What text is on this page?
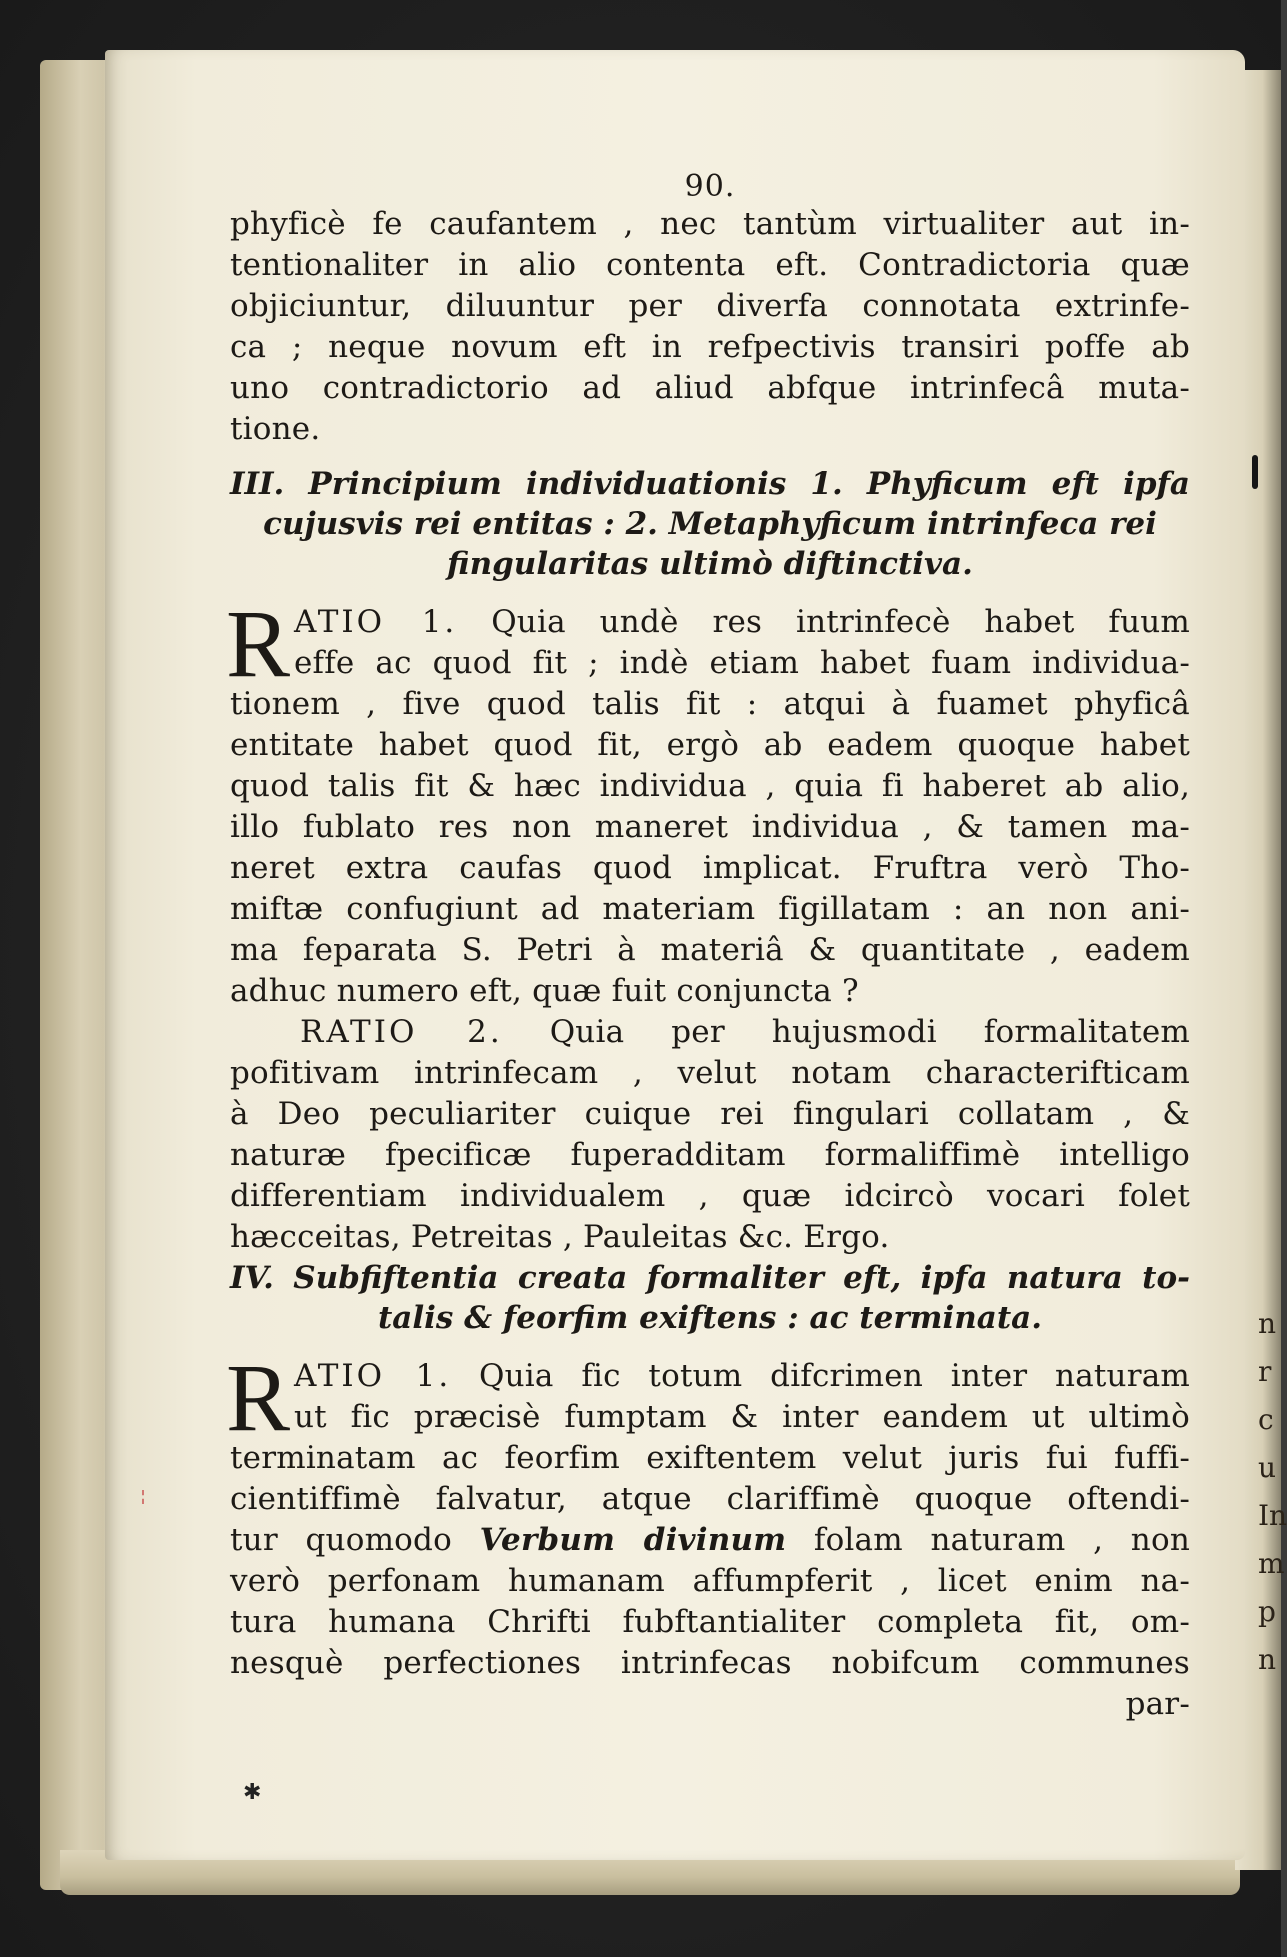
n
r
c
u
In
m
p
n
90.
phyficè fe caufantem , nec tantùm virtualiter aut in-
tentionaliter in alio contenta eft. Contradictoria quæ
objiciuntur, diluuntur per diverfa connotata extrinfe-
ca ; neque novum eft in refpectivis transiri poffe ab
uno contradictorio ad aliud abfque intrinfecâ muta-
tione.
III. Principium individuationis 1. Phyficum eft ipfa
cujusvis rei entitas : 2. Metaphyficum intrinfeca rei
fingularitas ultimò diftinctiva.
R ATIO 1. Quia undè res intrinfecè habet fuum
effe ac quod fit ; indè etiam habet fuam individua-
tionem , five quod talis fit : atqui à fuamet phyficâ
entitate habet quod fit, ergò ab eadem quoque habet
quod talis fit & hæc individua , quia fi haberet ab alio,
illo fublato res non maneret individua , & tamen ma-
neret extra caufas quod implicat. Fruftra verò Tho-
miftæ confugiunt ad materiam figillatam : an non ani-
ma feparata S. Petri à materiâ & quantitate , eadem
adhuc numero eft, quæ fuit conjuncta ?
RATIO 2. Quia per hujusmodi formalitatem
pofitivam intrinfecam , velut notam characterifticam
à Deo peculiariter cuique rei fingulari collatam , &
naturæ fpecificæ fuperadditam formaliffimè intelligo
differentiam individualem , quæ idcircò vocari folet
hæcceitas, Petreitas , Pauleitas &c. Ergo.
IV. Subfiftentia creata formaliter eft, ipfa natura to-
talis & feorfim exiftens : ac terminata.
R ATIO 1. Quia fic totum difcrimen inter naturam
ut fic præcisè fumptam & inter eandem ut ultimò
terminatam ac feorfim exiftentem velut juris fui fuffi-
cientiffimè falvatur, atque clariffimè quoque oftendi-
tur quomodo Verbum divinum folam naturam , non
verò perfonam humanam affumpferit , licet enim na-
tura humana Chrifti fubftantialiter completa fit, om-
nesquè perfectiones intrinfecas nobifcum communes
par-
✱
